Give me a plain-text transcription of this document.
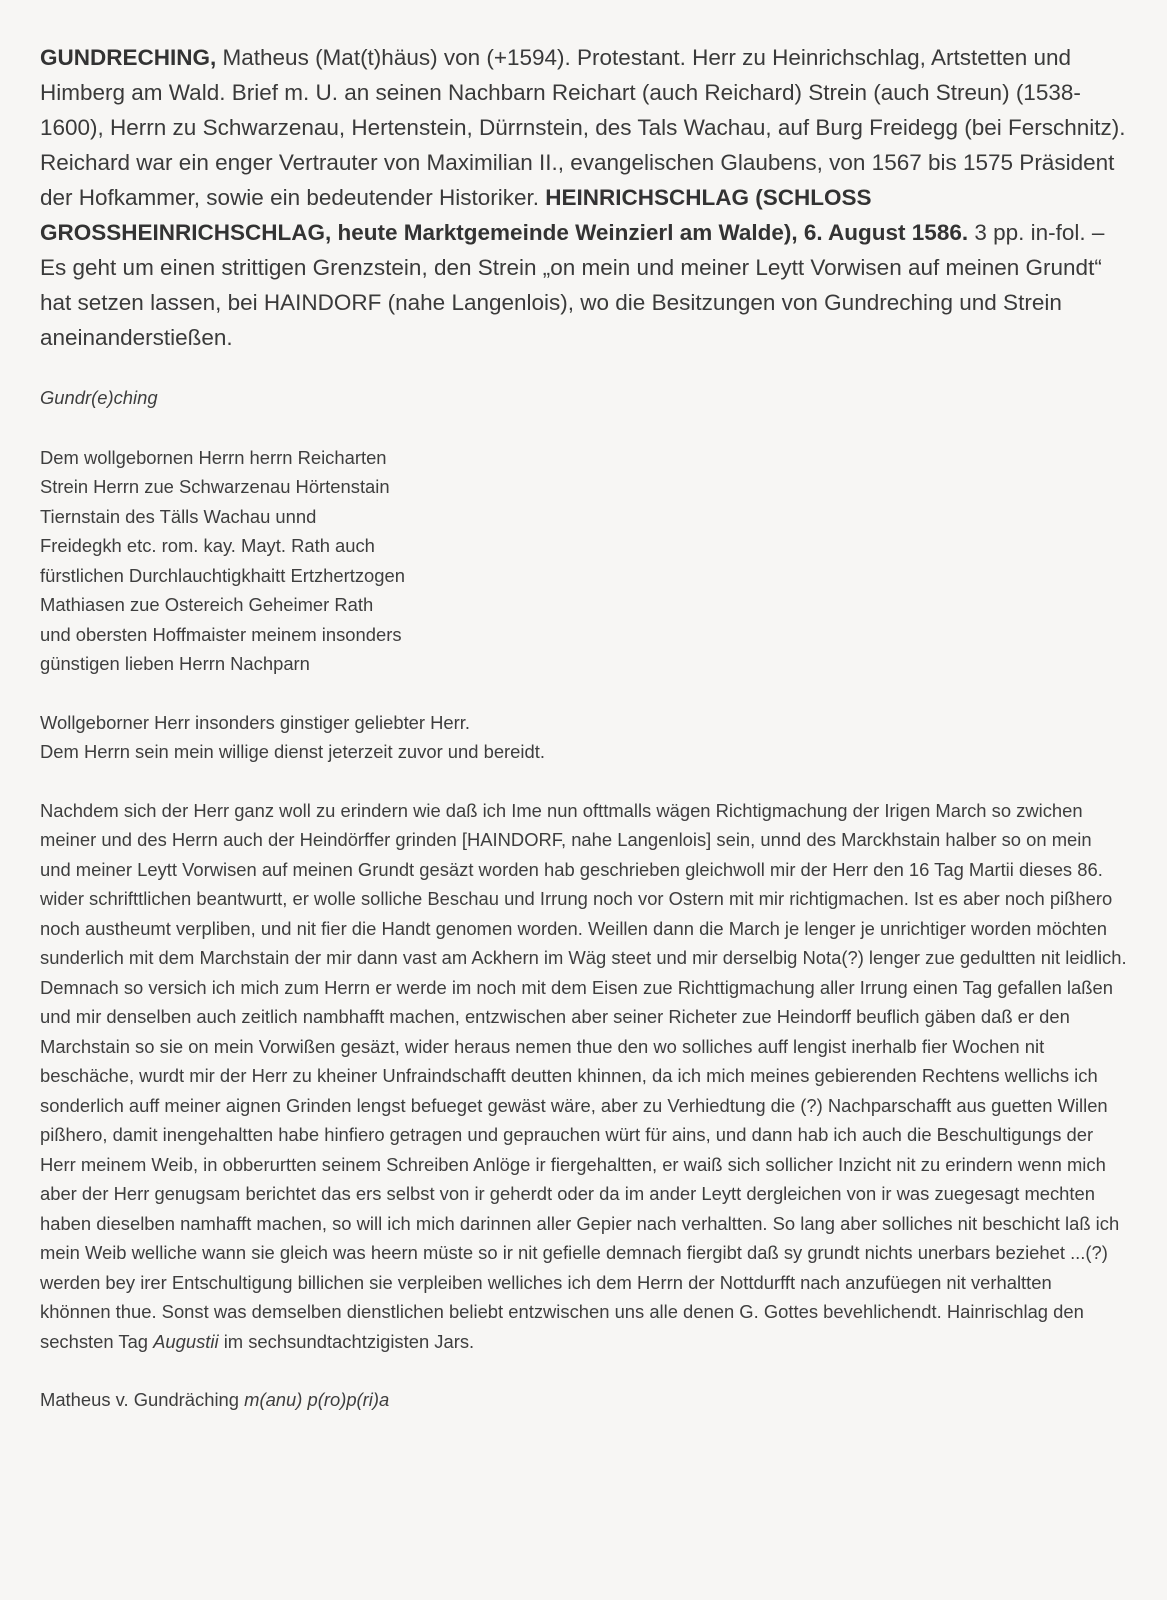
GUNDRECHING, Matheus (Mat(t)häus) von (+1594). Protestant. Herr zu Heinrichschlag, Artstetten und Himberg am Wald. Brief m. U. an seinen Nachbarn Reichart (auch Reichard) Strein (auch Streun) (1538-1600), Herrn zu Schwarzenau, Hertenstein, Dürrnstein, des Tals Wachau, auf Burg Freidegg (bei Ferschnitz). Reichard war ein enger Vertrauter von Maximilian II., evangelischen Glaubens, von 1567 bis 1575 Präsident der Hofkammer, sowie ein bedeutender Historiker. HEINRICHSCHLAG (SCHLOSS GROSSHEINRICHSCHLAG, heute Marktgemeinde Weinzierl am Walde), 6. August 1586. 3 pp. in-fol. – Es geht um einen strittigen Grenzstein, den Strein „on mein und meiner Leytt Vorwisen auf meinen Grundt“ hat setzen lassen, bei HAINDORF (nahe Langenlois), wo die Besitzungen von Gundreching und Strein aneinanderstießen.

Gundr(e)ching

Dem wollgebornen Herrn herrn Reicharten
Strein Herrn zue Schwarzenau Hörtenstain
Tiernstain des Tälls Wachau unnd
Freidegkh etc. rom. kay. Mayt. Rath auch
fürstlichen Durchlauchtigkhaitt Ertzhertzogen
Mathiasen zue Ostereich Geheimer Rath
und obersten Hoffmaister meinem insonders
günstigen lieben Herrn Nachparn

Wollgeborner Herr insonders ginstiger geliebter Herr.
Dem Herrn sein mein willige dienst jeterzeit zuvor und bereidt.

Nachdem sich der Herr ganz woll zu erindern wie daß ich Ime nun ofttmalls wägen Richtigmachung der Irigen March so zwichen meiner und des Herrn auch der Heindörffer grinden [HAINDORF, nahe Langenlois] sein, unnd des Marckhstain halber so on mein und meiner Leytt Vorwisen auf meinen Grundt gesäzt worden hab geschrieben gleichwoll mir der Herr den 16 Tag Martii dieses 86. wider schrifttlichen beantwurtt, er wolle solliche Beschau und Irrung noch vor Ostern mit mir richtigmachen. Ist es aber noch pißhero noch austheumt verpliben, und nit fier die Handt genomen worden. Weillen dann die March je lenger je unrichtiger worden möchten sunderlich mit dem Marchstain der mir dann vast am Ackhern im Wäg steet und mir derselbig Nota(?) lenger zue gedultten nit leidlich. Demnach so versich ich mich zum Herrn er werde im noch mit dem Eisen zue Richttigmachung aller Irrung einen Tag gefallen laßen und mir denselben auch zeitlich nambhafft machen, entzwischen aber seiner Richeter zue Heindorff beuflich gäben daß er den Marchstain so sie on mein Vorwißen gesäzt, wider heraus nemen thue den wo solliches auff lengist inerhalb fier Wochen nit beschäche, wurdt mir der Herr zu kheiner Unfraindschafft deutten khinnen, da ich mich meines gebierenden Rechtens wellichs ich sonderlich auff meiner aignen Grinden lengst befueget gewäst wäre, aber zu Verhiedtung die (?) Nachparschafft aus guetten Willen pißhero, damit inengehaltten habe hinfiero getragen und geprauchen würt für ains, und dann hab ich auch die Beschultigungs der Herr meinem Weib, in obberurtten seinem Schreiben Anlöge ir fiergehaltten, er waiß sich sollicher Inzicht nit zu erindern wenn mich aber der Herr genugsam berichtet das ers selbst von ir geherdt oder da im ander Leytt dergleichen von ir was zuegesagt mechten haben dieselben namhafft machen, so will ich mich darinnen aller Gepier nach verhaltten. So lang aber solliches nit beschicht laß ich mein Weib welliche wann sie gleich was heern müste so ir nit gefielle demnach fiergibt daß sy grundt nichts unerbars beziehet ...(?) werden bey irer Entschultigung billichen sie verpleiben welliches ich dem Herrn der Nottdurfft nach anzufüegen nit verhaltten khönnen thue. Sonst was demselben dienstlichen beliebt entzwischen uns alle denen G. Gottes bevehlichendt. Hainrischlag den sechsten Tag Augustii im sechsundtachtzigisten Jars.

Matheus v. Gundräching m(anu) p(ro)p(ri)a
